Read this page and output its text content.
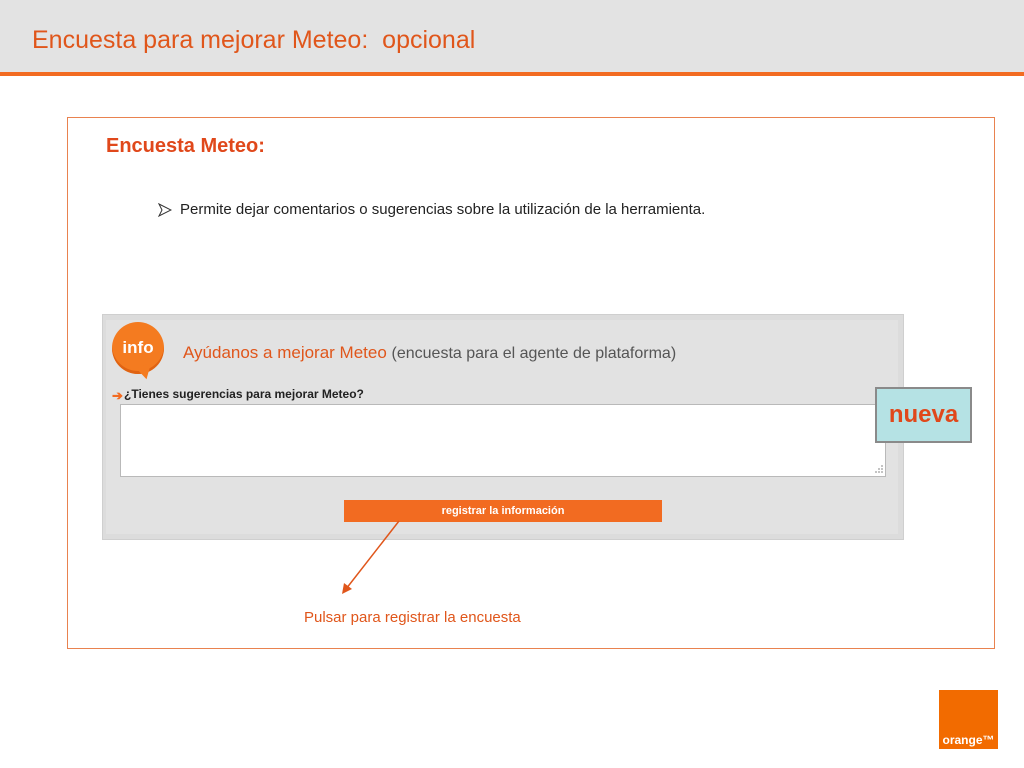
Encuesta para mejorar Meteo:  opcional
Encuesta Meteo:
Permite dejar comentarios o sugerencias sobre la utilización de la herramienta.
info Ayúdanos a mejorar Meteo (encuesta para el agente de plataforma)
➔ ¿Tienes sugerencias para mejorar Meteo?
registrar la información
nueva
Pulsar para registrar la encuesta
orange™
